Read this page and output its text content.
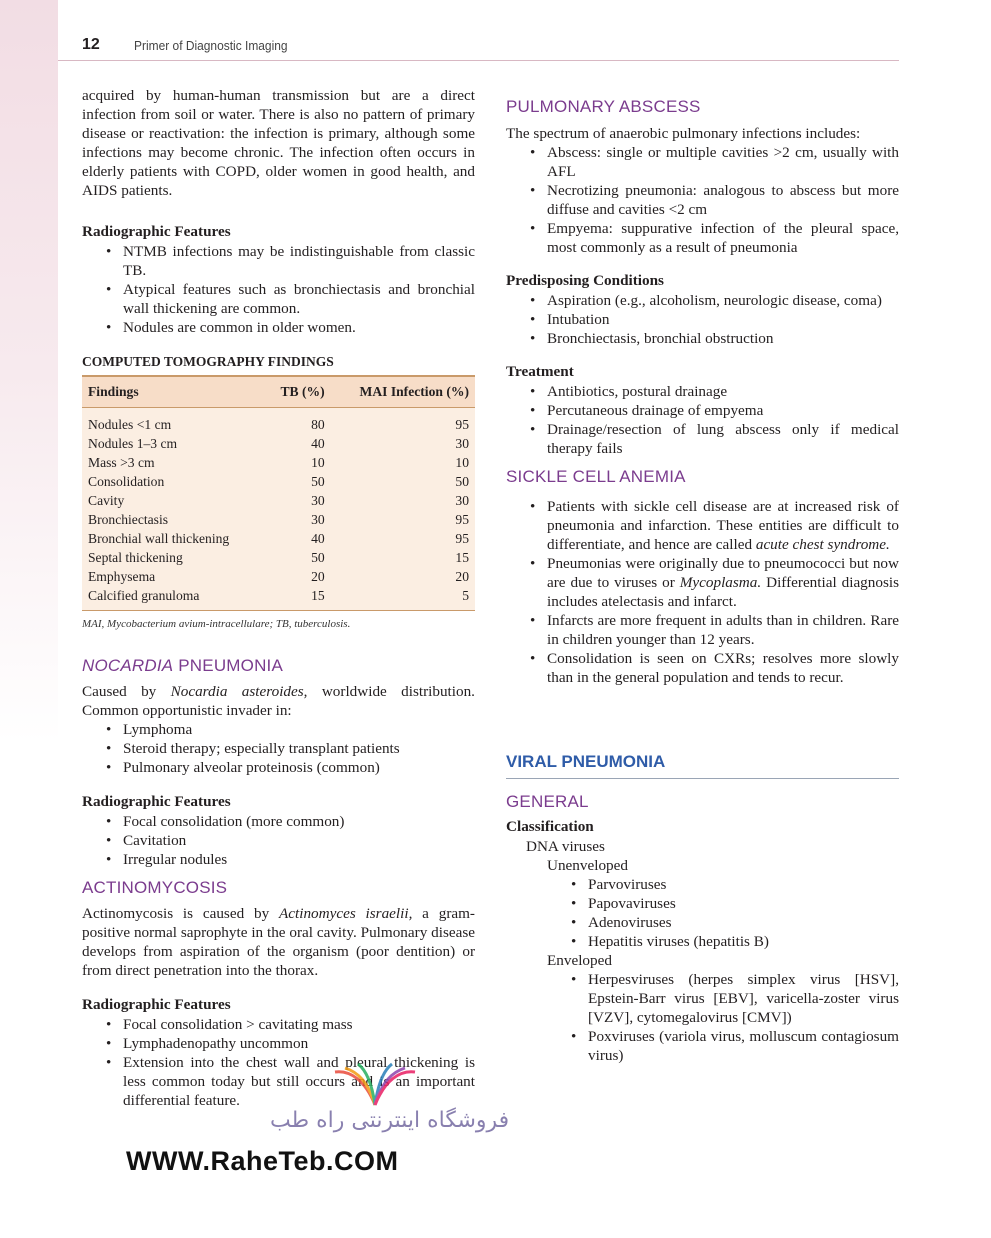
12	Primer of Diagnostic Imaging

acquired by human-human transmission but are a direct infection from soil or water. There is also no pattern of primary disease or reactivation: the infection is primary, although some infections may become chronic. The infection often occurs in elderly patients with COPD, older women in good health, and AIDS patients.

Radiographic Features
• NTMB infections may be indistinguishable from classic TB.
• Atypical features such as bronchiectasis and bronchial wall thickening are common.
• Nodules are common in older women.
COMPUTED TOMOGRAPHY FINDINGS
Findings	TB (%)	MAI Infection (%)
Nodules <1 cm	80	95
Nodules 1–3 cm	40	30
Mass >3 cm	10	10
Consolidation	50	50
Cavity	30	30
Bronchiectasis	30	95
Bronchial wall thickening	40	95
Septal thickening	50	15
Emphysema	20	20
Calcified granuloma	15	5
MAI, Mycobacterium avium-intracellulare; TB, tuberculosis.
NOCARDIA PNEUMONIA

Caused by Nocardia asteroides, worldwide distribution. Common opportunistic invader in:

• Lymphoma
• Steroid therapy; especially transplant patients
• Pulmonary alveolar proteinosis (common)
Radiographic Features
• Focal consolidation (more common)
• Cavitation
• Irregular nodules
ACTINOMYCOSIS

Actinomycosis is caused by Actinomyces israelii, a gram-positive normal saprophyte in the oral cavity. Pulmonary disease develops from aspiration of the organism (poor dentition) or from direct penetration into the thorax.

Radiographic Features
• Focal consolidation > cavitating mass
• Lymphadenopathy uncommon
• Extension into the chest wall and pleural thickening is less common today but still occurs and is an important differential feature.
PULMONARY ABSCESS

The spectrum of anaerobic pulmonary infections includes:

• Abscess: single or multiple cavities >2 cm, usually with AFL
• Necrotizing pneumonia: analogous to abscess but more diffuse and cavities <2 cm
• Empyema: suppurative infection of the pleural space, most commonly as a result of pneumonia
Predisposing Conditions
• Aspiration (e.g., alcoholism, neurologic disease, coma)
• Intubation
• Bronchiectasis, bronchial obstruction
Treatment
• Antibiotics, postural drainage
• Percutaneous drainage of empyema
• Drainage/resection of lung abscess only if medical therapy fails
SICKLE CELL ANEMIA
• Patients with sickle cell disease are at increased risk of pneumonia and infarction. These entities are difficult to differentiate, and hence are called acute chest syndrome.
• Pneumonias were originally due to pneumococci but now are due to viruses or Mycoplasma. Differential diagnosis includes atelectasis and infarct.
• Infarcts are more frequent in adults than in children. Rare in children younger than 12 years.
• Consolidation is seen on CXRs; resolves more slowly than in the general population and tends to recur.
VIRAL PNEUMONIA
GENERAL
Classification
DNA viruses
Unenveloped
• Parvoviruses
• Papovaviruses
• Adenoviruses
• Hepatitis viruses (hepatitis B)
Enveloped
• Herpesviruses (herpes simplex virus [HSV], Epstein-Barr virus [EBV], varicella-zoster virus [VZV], cytomegalovirus [CMV])
• Poxviruses (variola virus, molluscum contagiosum virus)
فروشگاه اینترنتی راه طب
WWW.RaheTeb.COM
